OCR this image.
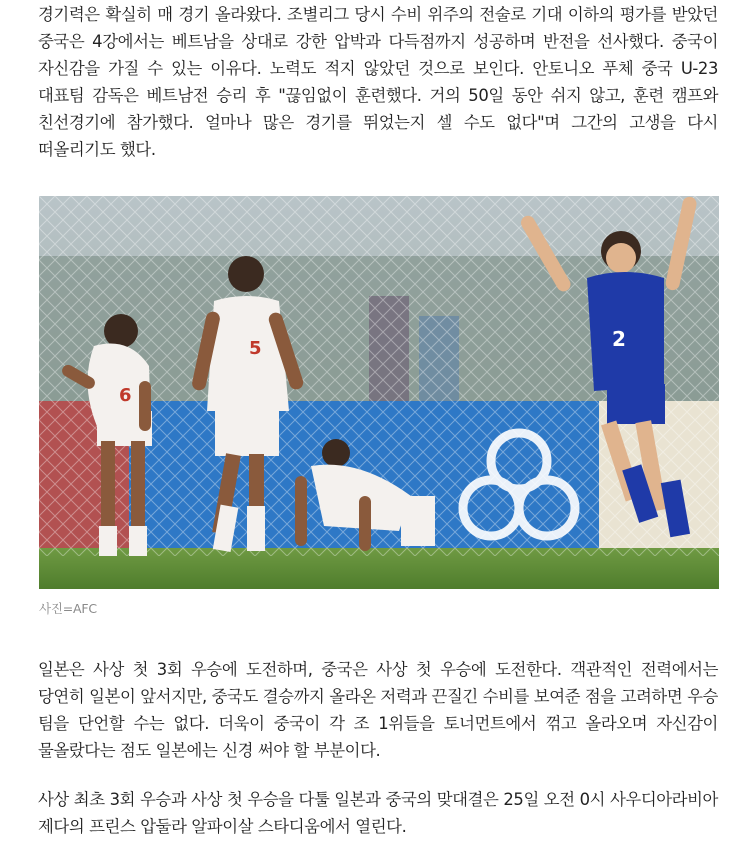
경기력은 확실히 매 경기 올라왔다. 조별리그 당시 수비 위주의 전술로 기대 이하의 평가를 받았던 중국은 4강에서는 베트남을 상대로 강한 압박과 다득점까지 성공하며 반전을 선사했다. 중국이 자신감을 가질 수 있는 이유다. 노력도 적지 않았던 것으로 보인다. 안토니오 푸체 중국 U-23 대표팀 감독은 베트남전 승리 후 "끊임없이 훈련했다. 거의 50일 동안 쉬지 않고, 훈련 캠프와 친선경기에 참가했다. 얼마나 많은 경기를 뛰었는지 셀 수도 없다"며 그간의 고생을 다시 떠올리기도 했다.

6
5	2
사진=AFC

일본은 사상 첫 3회 우승에 도전하며, 중국은 사상 첫 우승에 도전한다. 객관적인 전력에서는 당연히 일본이 앞서지만, 중국도 결승까지 올라온 저력과 끈질긴 수비를 보여준 점을 고려하면 우승 팀을 단언할 수는 없다. 더욱이 중국이 각 조 1위들을 토너먼트에서 꺾고 올라오며 자신감이 물올랐다는 점도 일본에는 신경 써야 할 부분이다.

사상 최초 3회 우승과 사상 첫 우승을 다툴 일본과 중국의 맞대결은 25일 오전 0시 사우디아라비아 제다의 프린스 압둘라 알파이살 스타디움에서 열린다.
